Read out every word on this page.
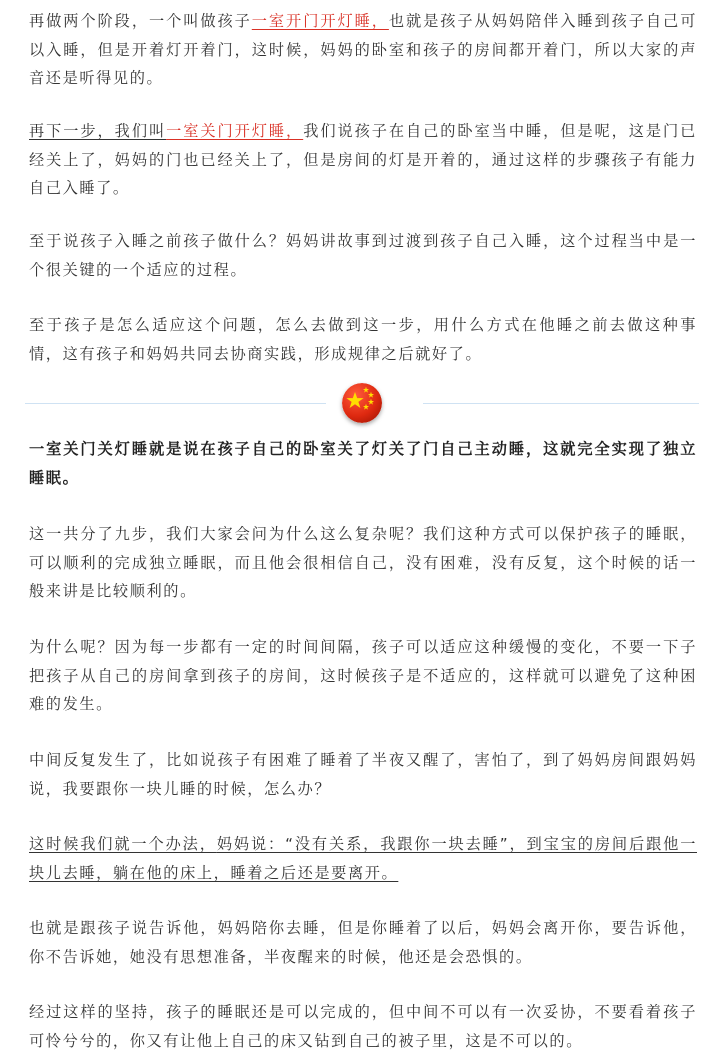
再做两个阶段，一个叫做孩子一室开门开灯睡，也就是孩子从妈妈陪伴入睡到孩子自己可以入睡，但是开着灯开着门，这时候，妈妈的卧室和孩子的房间都开着门，所以大家的声音还是听得见的。

再下一步，我们叫一室关门开灯睡，我们说孩子在自己的卧室当中睡，但是呢，这是门已经关上了，妈妈的门也已经关上了，但是房间的灯是开着的，通过这样的步骤孩子有能力自己入睡了。

至于说孩子入睡之前孩子做什么？妈妈讲故事到过渡到孩子自己入睡，这个过程当中是一个很关键的一个适应的过程。

至于孩子是怎么适应这个问题，怎么去做到这一步，用什么方式在他睡之前去做这种事情，这有孩子和妈妈共同去协商实践，形成规律之后就好了。

一室关门关灯睡就是说在孩子自己的卧室关了灯关了门自己主动睡，这就完全实现了独立睡眠。

这一共分了九步，我们大家会问为什么这么复杂呢？我们这种方式可以保护孩子的睡眠，可以顺利的完成独立睡眠，而且他会很相信自己，没有困难，没有反复，这个时候的话一般来讲是比较顺利的。

为什么呢？因为每一步都有一定的时间间隔，孩子可以适应这种缓慢的变化，不要一下子把孩子从自己的房间拿到孩子的房间，这时候孩子是不适应的，这样就可以避免了这种困难的发生。

中间反复发生了，比如说孩子有困难了睡着了半夜又醒了，害怕了，到了妈妈房间跟妈妈说，我要跟你一块儿睡的时候，怎么办？

这时候我们就一个办法，妈妈说：“没有关系，我跟你一块去睡”，到宝宝的房间后跟他一块儿去睡，躺在他的床上，睡着之后还是要离开。

也就是跟孩子说告诉他，妈妈陪你去睡，但是你睡着了以后，妈妈会离开你，要告诉他，你不告诉她，她没有思想准备，半夜醒来的时候，他还是会恐惧的。

经过这样的坚持，孩子的睡眠还是可以完成的，但中间不可以有一次妥协，不要看着孩子可怜兮兮的，你又有让他上自己的床又钻到自己的被子里，这是不可以的。
